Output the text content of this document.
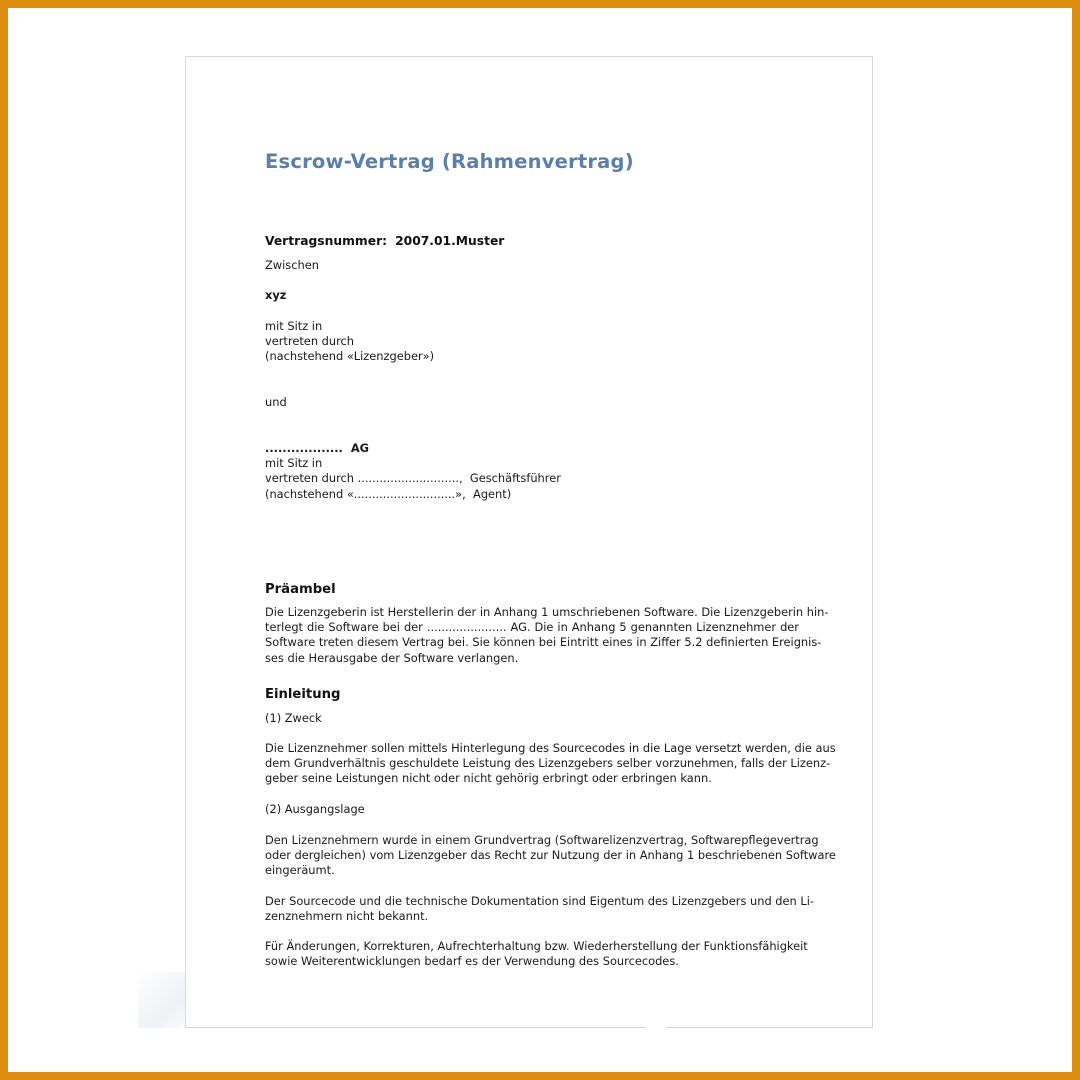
Escrow-Vertrag (Rahmenvertrag)
Vertragsnummer: 2007.01.Muster
Zwischen
xyz
mit Sitz in
vertreten durch
(nachstehend «Lizenzgeber»)
und
.................. AG
mit Sitz in
vertreten durch ............................, Geschäftsführer
(nachstehend «............................», Agent)
Präambel
Die Lizenzgeberin ist Herstellerin der in Anhang 1 umschriebenen Software. Die Lizenzgeberin hin-
terlegt die Software bei der ...................... AG. Die in Anhang 5 genannten Lizenznehmer der
Software treten diesem Vertrag bei. Sie können bei Eintritt eines in Ziffer 5.2 definierten Ereignis-
ses die Herausgabe der Software verlangen.
Einleitung
(1) Zweck
Die Lizenznehmer sollen mittels Hinterlegung des Sourcecodes in die Lage versetzt werden, die aus
dem Grundverhältnis geschuldete Leistung des Lizenzgebers selber vorzunehmen, falls der Lizenz-
geber seine Leistungen nicht oder nicht gehörig erbringt oder erbringen kann.
(2) Ausgangslage
Den Lizenznehmern wurde in einem Grundvertrag (Softwarelizenzvertrag, Softwarepflegevertrag
oder dergleichen) vom Lizenzgeber das Recht zur Nutzung der in Anhang 1 beschriebenen Software
eingeräumt.
Der Sourcecode und die technische Dokumentation sind Eigentum des Lizenzgebers und den Li-
zenznehmern nicht bekannt.
Für Änderungen, Korrekturen, Aufrechterhaltung bzw. Wiederherstellung der Funktionsfähigkeit
sowie Weiterentwicklungen bedarf es der Verwendung des Sourcecodes.
